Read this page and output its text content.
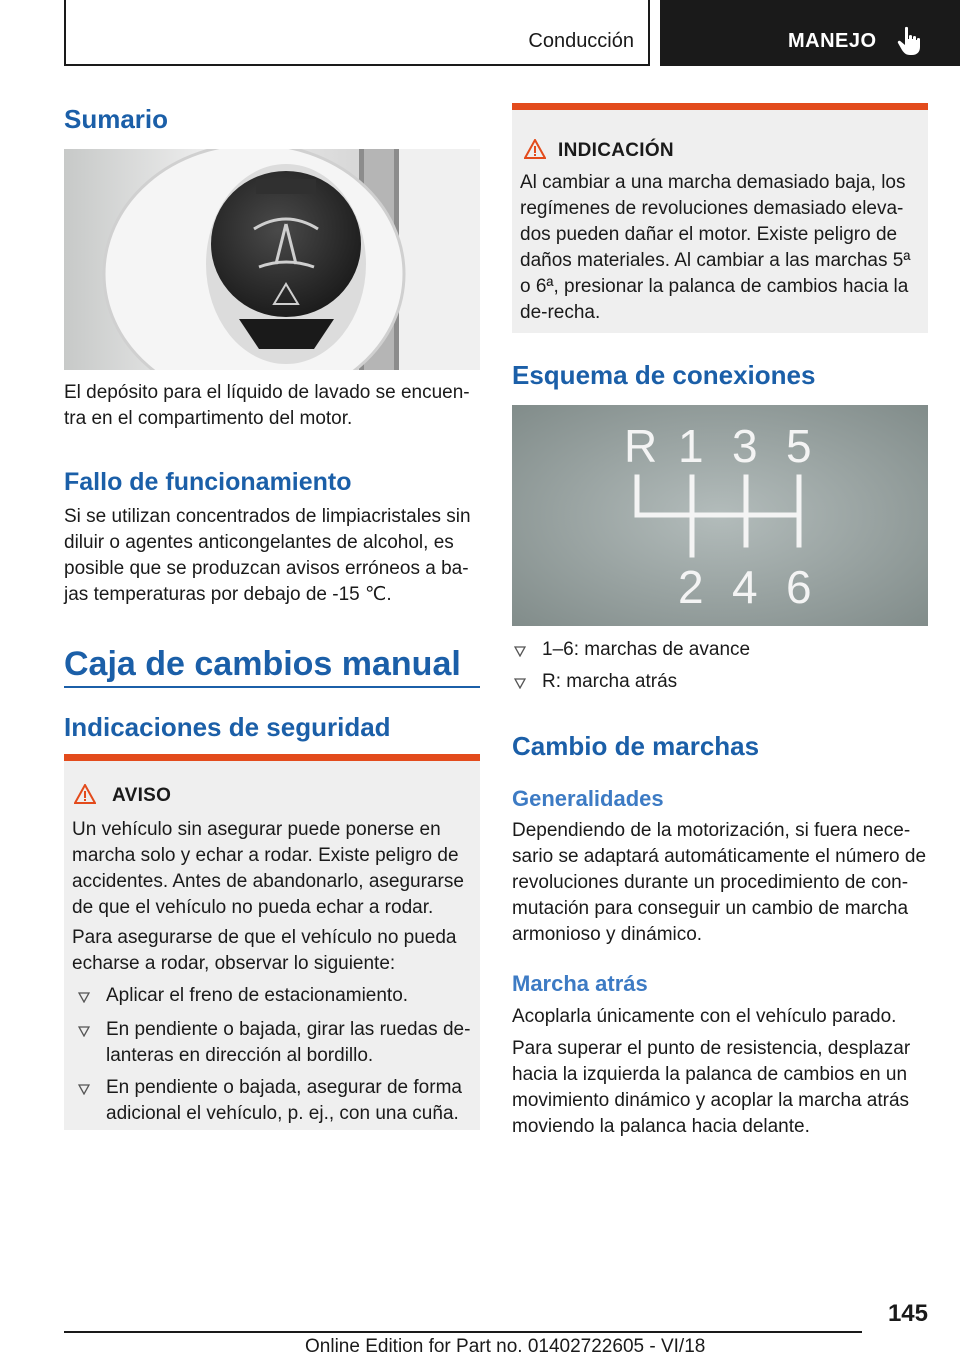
Conducción	MANEJO
Sumario
El depósito para el líquido de lavado se encuen-
tra en el compartimento del motor.
Fallo de funcionamiento
Si se utilizan concentrados de limpiacristales sin diluir o agentes anticongelantes de alcohol, es posible que se produzcan avisos erróneos a ba-jas temperaturas por debajo de -15 ℃.
Caja de cambios manual
Indicaciones de seguridad
AVISO
Un vehículo sin asegurar puede ponerse en marcha solo y echar a rodar. Existe peligro de accidentes. Antes de abandonarlo, asegurarse de que el vehículo no pueda echar a rodar.
Para asegurarse de que el vehículo no pueda echarse a rodar, observar lo siguiente:
Aplicar el freno de estacionamiento.
En pendiente o bajada, girar las ruedas de-lanteras en dirección al bordillo.
En pendiente o bajada, asegurar de forma adicional el vehículo, p. ej., con una cuña.
INDICACIÓN
Al cambiar a una marcha demasiado baja, los regímenes de revoluciones demasiado eleva-dos pueden dañar el motor. Existe peligro de daños materiales. Al cambiar a las marchas 5ª o 6ª, presionar la palanca de cambios hacia la de-recha.
Esquema de conexiones
R 1 3 5
2 4 6
1–6: marchas de avance
R: marcha atrás
Cambio de marchas
Generalidades
Dependiendo de la motorización, si fuera nece-sario se adaptará automáticamente el número de revoluciones durante un procedimiento de con-mutación para conseguir un cambio de marcha armonioso y dinámico.
Marcha atrás
Acoplarla únicamente con el vehículo parado.
Para superar el punto de resistencia, desplazar hacia la izquierda la palanca de cambios en un movimiento dinámico y acoplar la marcha atrás moviendo la palanca hacia delante.
145
Online Edition for Part no. 01402722605 - VI/18
